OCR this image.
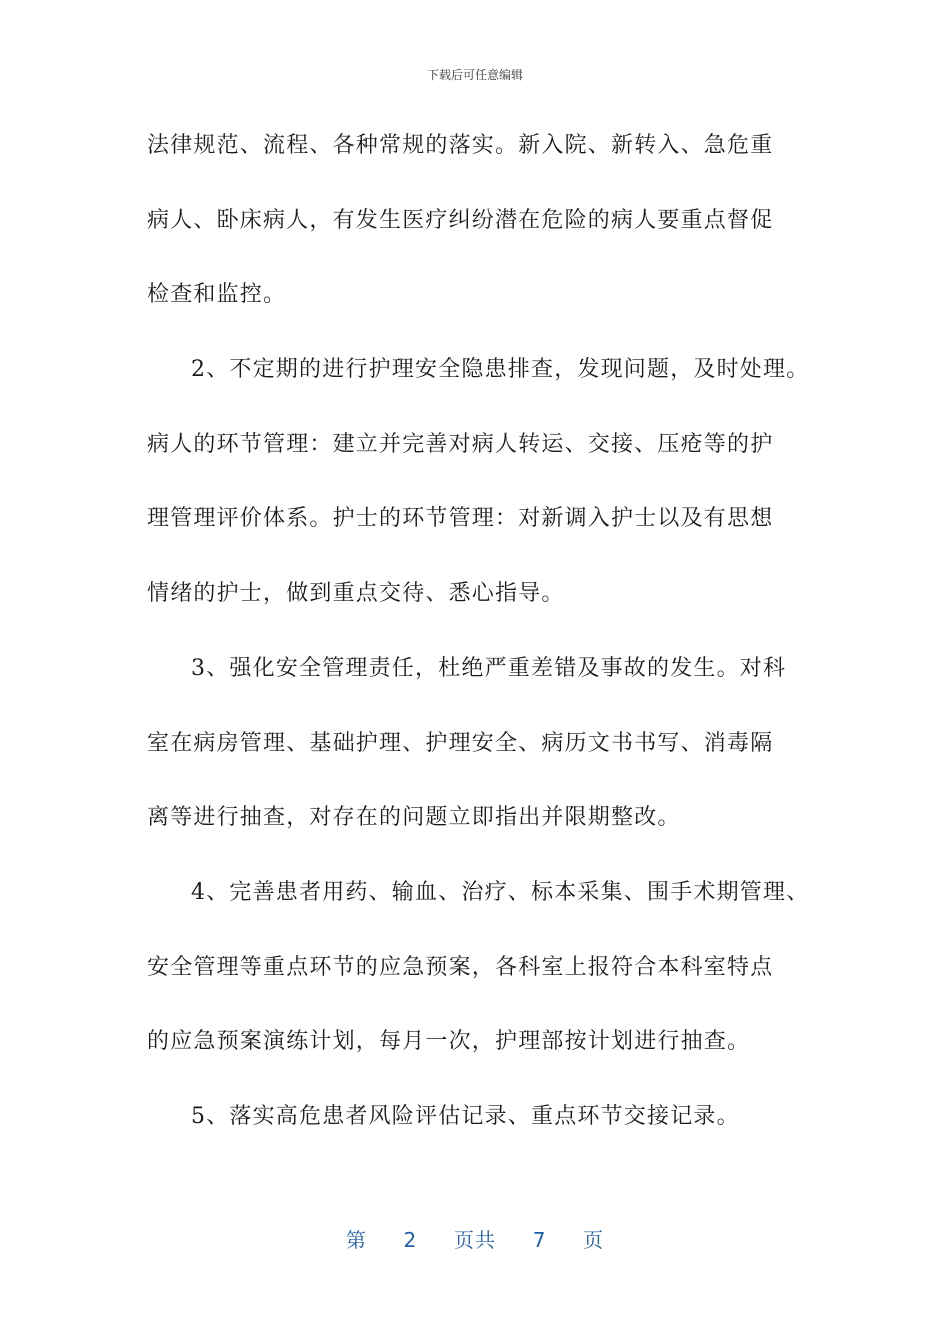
下载后可任意编辑
法律规范、流程、各种常规的落实。新入院、新转入、急危重
病人、卧床病人，有发生医疗纠纷潜在危险的病人要重点督促
检查和监控。
2、不定期的进行护理安全隐患排查，发现问题，及时处理。
病人的环节管理：建立并完善对病人转运、交接、压疮等的护
理管理评价体系。护士的环节管理：对新调入护士以及有思想
情绪的护士，做到重点交待、悉心指导。
3、强化安全管理责任，杜绝严重差错及事故的发生。对科
室在病房管理、基础护理、护理安全、病历文书书写、消毒隔
离等进行抽查，对存在的问题立即指出并限期整改。
4、完善患者用药、输血、治疗、标本采集、围手术期管理、
安全管理等重点环节的应急预案，各科室上报符合本科室特点
的应急预案演练计划，每月一次，护理部按计划进行抽查。
5、落实高危患者风险评估记录、重点环节交接记录。
第 2 页共 7 页
